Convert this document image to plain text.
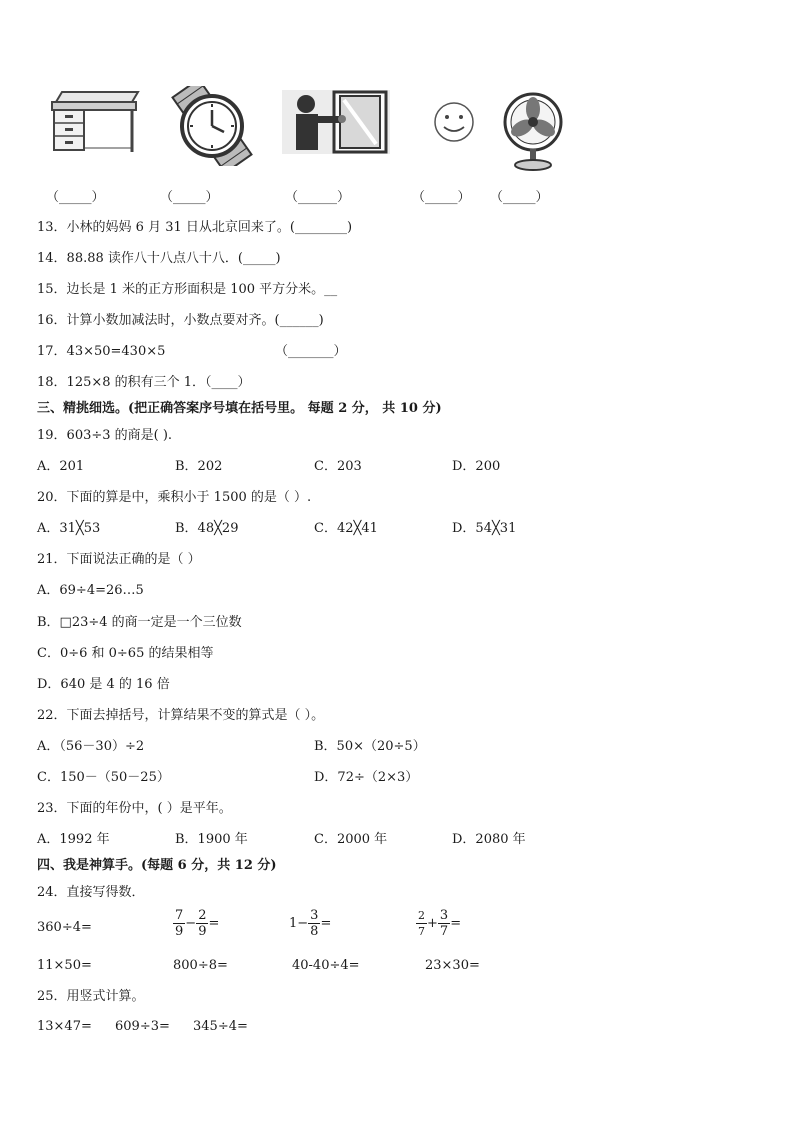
（_____）	（_____）	（______）	（_____） （_____）
13．小林的妈妈 6 月 31 日从北京回来了。(________)
14．88.88 读作八十八点八十八．(_____)
15．边长是 1 米的正方形面积是 100 平方分米。__
16．计算小数加减法时，小数点要对齐。(______)
17．43×50=430×5	（_______）
18．125×8 的积有三个 1．（____）
三、精挑细选。(把正确答案序号填在括号里。 每题 2 分， 共 10 分)
19．603÷3 的商是( ).
A．201	B．202	C．203	D．200
20．下面的算是中，乘积小于 1500 的是（ ）.
A．31╳53	B．48╳29	C．42╳41	D．54╳31
21．下面说法正确的是（ ）
A．69÷4=26…5
B．□23÷4 的商一定是一个三位数
C．0÷6 和 0÷65 的结果相等
D．640 是 4 的 16 倍
22．下面去掉括号，计算结果不变的算式是（ ）。
A．（56－30）÷2	B．50×（20÷5）
C．150－（50－25）	D．72÷（2×3）
23．下面的年份中，( ）是平年。
A．1992 年	B．1900 年	C．2000 年	D．2080 年
四、我是神算手。(每题 6 分，共 12 分)
24．直接写得数．
360÷4=	$\frac{7}{9} - \frac{2}{9}$ =	$1- \frac{3}{8}$ =	$\frac{2}{7} + \frac{3}{7}$ =
11×50=	800÷8=	40-40÷4=	23×30=
25．用竖式计算。
13×47= 609÷3= 345÷4=
